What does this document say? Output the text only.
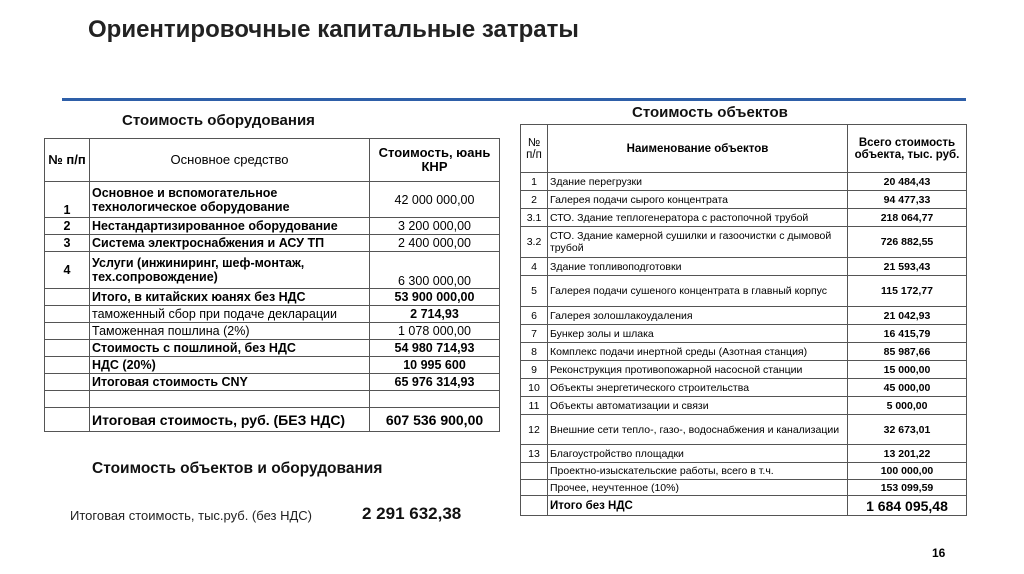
Ориентировочные капитальные затраты
Стоимость оборудования
№ п/п	Основное средство	Стоимость, юань КНР
1	Основное и вспомогательное технологическое оборудование	42 000 000,00
2	Нестандартизированное оборудование	3 200 000,00
3	Система электроснабжения и АСУ ТП	2 400 000,00
4	Услуги (инжиниринг, шеф-монтаж, тех.сопровождение)	6 300 000,00
	Итого, в китайских юанях без НДС	53 900 000,00
	таможенный сбор при подаче декларации	2 714,93
	Таможенная пошлина (2%)	1 078 000,00
	Стоимость с пошлиной, без НДС	54 980 714,93
	НДС (20%)	10 995 600
	Итоговая стоимость CNY	65 976 314,93

	Итоговая стоимость, руб. (БЕЗ НДС)	607 536 900,00
Стоимость объектов
№ п/п	Наименование объектов	Всего стоимость объекта, тыс. руб.
1	Здание перегрузки	20 484,43
2	Галерея подачи сырого концентрата	94 477,33
3.1	СТО. Здание теплогенератора с растопочной трубой	218 064,77
3.2	СТО. Здание камерной сушилки и газоочистки с дымовой трубой	726 882,55
4	Здание топливоподготовки	21 593,43
5	Галерея подачи сушеного концентрата в главный корпус	115 172,77
6	Галерея золошлакоудаления	21 042,93
7	Бункер золы и шлака	16 415,79
8	Комплекс подачи инертной среды (Азотная станция)	85 987,66
9	Реконструкция противопожарной насосной станции	15 000,00
10	Объекты энергетического строительства	45 000,00
11	Объекты автоматизации и связи	5 000,00
12	Внешние сети тепло-, газо-, водоснабжения и канализации	32 673,01
13	Благоустройство площадки	13 201,22
	Проектно-изыскательские работы, всего в т.ч.	100 000,00
	Прочее, неучтенное (10%)	153 099,59
	Итого без НДС	1 684 095,48
Стоимость объектов и оборудования
Итоговая стоимость, тыс.руб. (без НДС)	2 291 632,38
16
